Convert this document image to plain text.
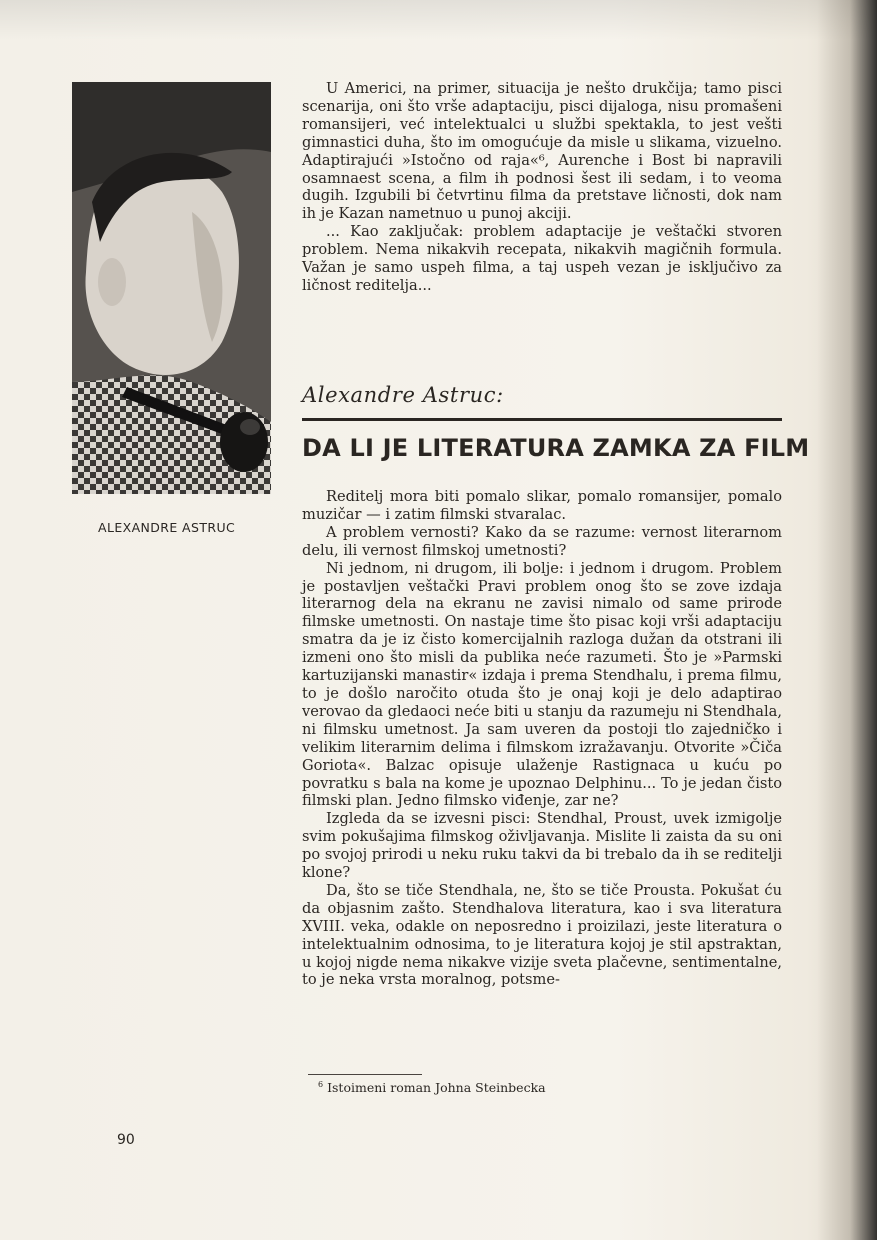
ALEXANDRE ASTRUC

U Americi, na primer, situacija je nešto drukčija; tamo pisci scenarija, oni što vrše adaptaciju, pisci dijaloga, nisu promašeni romansijeri, već intelektualci u službi spektakla, to jest vešti gimnastici duha, što im omogućuje da misle u slikama, vizuelno. Adaptirajući »Istočno od raja«⁶, Aurenche i Bost bi napravili osamnaest scena, a film ih podnosi šest ili sedam, i to veoma dugih. Izgubili bi četvrtinu filma da pretstave ličnosti, dok nam ih je Kazan nametnuo u punoj akciji.

... Kao zaključak: problem adaptacije je veštački stvoren problem. Nema nikakvih recepata, nikakvih magičnih formula. Važan je samo uspeh filma, a taj uspeh vezan je isključivo za ličnost reditelja...

Alexandre Astruc:
DA LI JE LITERATURA ZAMKA ZA FILM

Reditelj mora biti pomalo slikar, pomalo romansijer, pomalo muzičar — i zatim filmski stvaralac.

A problem vernosti? Kako da se razume: vernost literarnom delu, ili vernost filmskoj umetnosti?

Ni jednom, ni drugom, ili bolje: i jednom i drugom. Problem je postavljen veštački Pravi problem onog što se zove izdaja literarnog dela na ekranu ne zavisi nimalo od same prirode filmske umetnosti. On nastaje time što pisac koji vrši adaptaciju smatra da je iz čisto komercijalnih razloga dužan da otstrani ili izmeni ono što misli da publika neće razumeti. Što je »Parmski kartuzijanski manastir« izdaja i prema Stendhalu, i prema filmu, to je došlo naročito otuda što je onaj koji je delo adaptirao verovao da gledaoci neće biti u stanju da razumeju ni Stendhala, ni filmsku umetnost. Ja sam uveren da postoji tlo zajedničko i velikim literarnim delima i filmskom izražavanju. Otvorite »Čiča Goriota«. Balzac opisuje ulaženje Rastignaca u kuću po povratku s bala na kome je upoznao Delphinu... To je jedan čisto filmski plan. Jedno filmsko viđenje, zar ne?

Izgleda da se izvesni pisci: Stendhal, Proust, uvek izmigolje svim pokušajima filmskog oživljavanja. Mislite li zaista da su oni po svojoj prirodi u neku ruku takvi da bi trebalo da ih se reditelji klone?

Da, što se tiče Stendhala, ne, što se tiče Prousta. Pokušat ću da objasnim zašto. Stendhalova literatura, kao i sva literatura XVIII. veka, odakle on neposredno i proizilazi, jeste literatura o intelektualnim odnosima, to je literatura kojoj je stil apstraktan, u kojoj nigde nema nikakve vizije sveta plačevne, sentimentalne, to je neka vrsta moralnog, potsme-

$^6$ Istoimeni roman Johna Steinbecka
90
